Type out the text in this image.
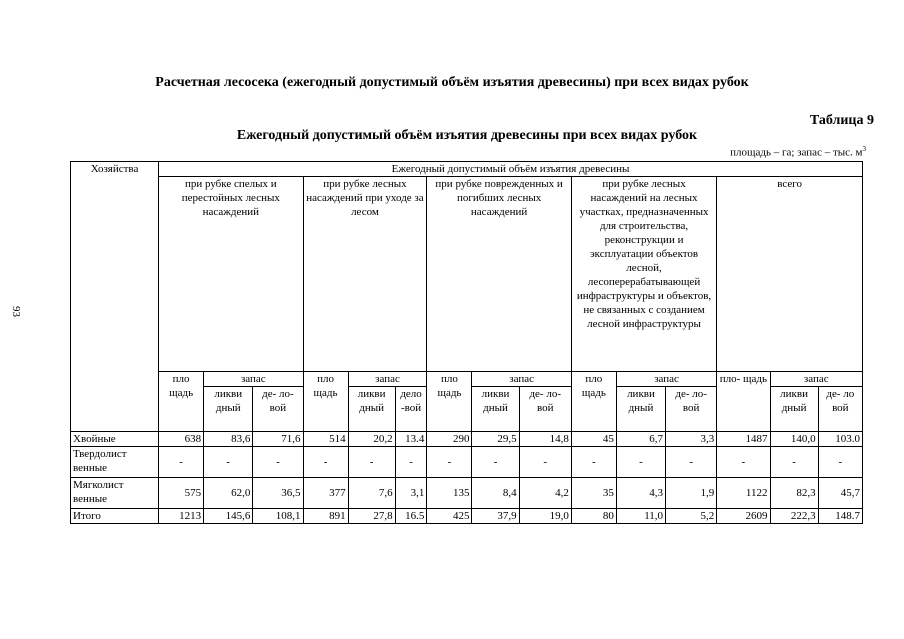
93
Расчетная лесосека (ежегодный допустимый объём изъятия древесины) при всех видах рубок
Таблица 9
Ежегодный допустимый объём изъятия древесины при всех видах рубок
площадь – га; запас – тыс. $м^3$
Хозяйства	Ежегодный допустимый объём изъятия древесины														
	при рубке спелых и перестойных лесных насаждений			при рубке лесных насаждений при уходе за лесом			при рубке поврежденных и погибших лесных насаждений			при рубке лесных насаждений на лесных участках, предназначенных для строительства, реконструкции и эксплуатации объектов лесной, лесоперерабатывающей инфраструктуры и объектов, не связанных с созданием лесной инфраструктуры			всего		
	пло щадь	запас		пло щадь	запас		пло щадь	запас		пло щадь	запас		пло- щадь	запас	
		ликви дный	де- ло- вой		ликви дный	дело -вой		ликви дный	де- ло- вой		ликви дный	де- ло- вой		ликви дный	де- ло вой
Хвойные	638	83,6	71,6	514	20,2	13.4	290	29,5	14,8	45	6,7	3,3	1487	140,0	103.0
Твердолист венные	-	-	-	-	-	-	-	-	-	-	-	-	-	-	-
Мягколист венные	575	62,0	36,5	377	7,6	3,1	135	8,4	4,2	35	4,3	1,9	1122	82,3	45,7
Итого	1213	145,6	108,1	891	27,8	16.5	425	37,9	19,0	80	11,0	5,2	2609	222,3	148.7
